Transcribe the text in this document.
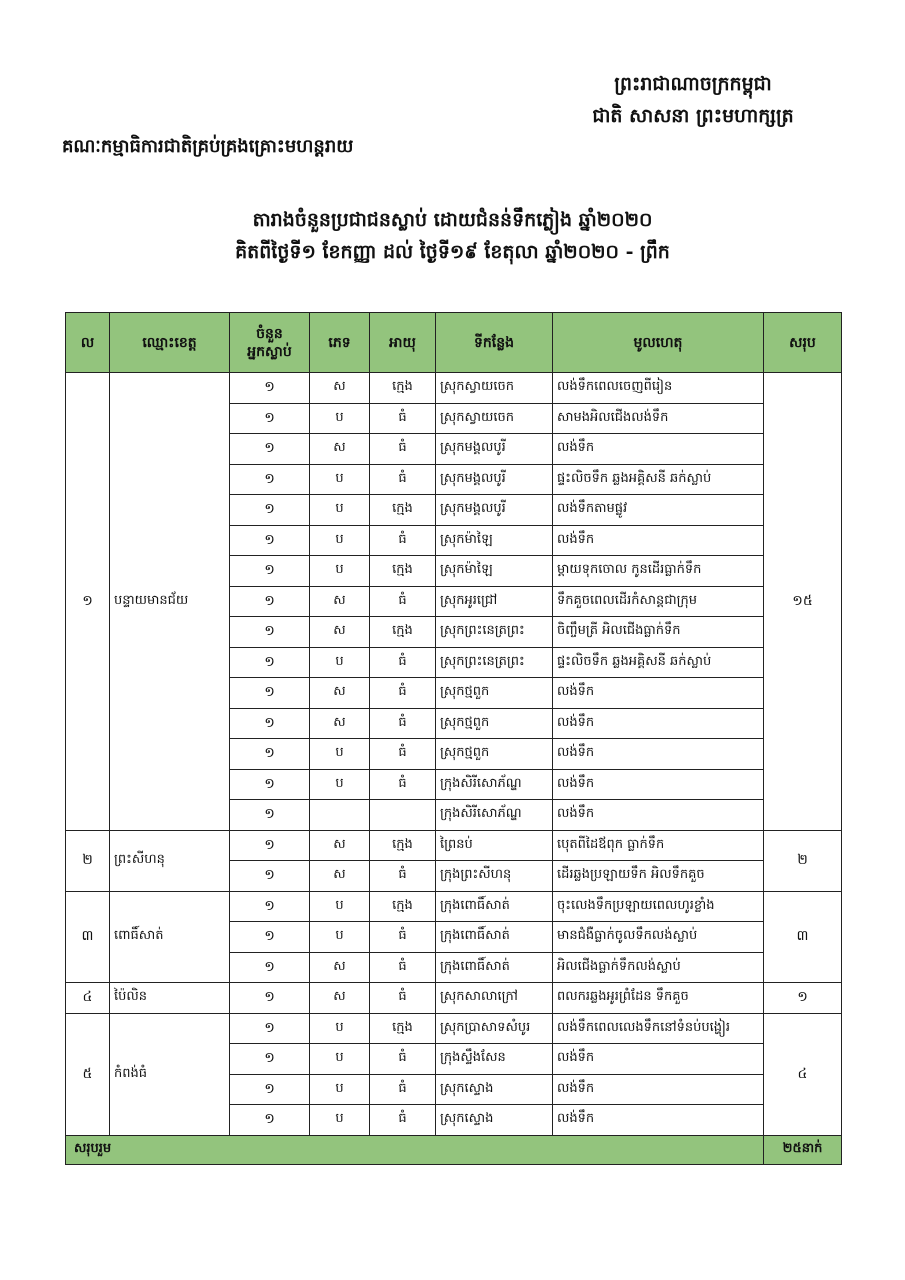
ព្រះរាជាណាចក្រកម្ពុជា
ជាតិ សាសនា ព្រះមហាក្សត្រ
គណៈកម្មាធិការជាតិគ្រប់គ្រងគ្រោះមហន្តរាយ
តារាងចំនួនប្រជាជនស្លាប់ ដោយជំនន់ទឹកភ្លៀង ឆ្នាំ២០២០
គិតពីថ្ងៃទី១ ខែកញ្ញា ដល់ ថ្ងៃទី១៩ ខែតុលា ឆ្នាំ២០២០ - ព្រឹក
ល	ឈ្មោះខេត្ត	ចំនួន
អ្នកស្លាប់	ភេទ	អាយុ	ទីកន្លែង	មូលហេតុ	សរុប
១	បន្ទាយមានជ័យ	១	ស	ក្មេង	ស្រុកស្វាយចេក	លង់ទឹកពេលចេញពីរៀន	១៥
		១	ប	ធំ	ស្រុកស្វាយចេក	សាមងអិលជើងលង់ទឹក	
		១	ស	ធំ	ស្រុកមង្គលបូរី	លង់ទឹក	
		១	ប	ធំ	ស្រុកមង្គលបូរី	ផ្ទះលិចទឹក ឆ្លងអគ្គិសនី ឆក់ស្លាប់	
		១	ប	ក្មេង	ស្រុកមង្គលបូរី	លង់ទឹកតាមផ្លូវ	
		១	ប	ធំ	ស្រុកម៉ាឡៃ	លង់ទឹក	
		១	ប	ក្មេង	ស្រុកម៉ាឡៃ	ម្ដាយទុកចោល កូនដើរធ្លាក់ទឹក	
		១	ស	ធំ	ស្រុកអូរជ្រៅ	ទឹកគួចពេលដើរកំសាន្តជាក្រុម	
		១	ស	ក្មេង	ស្រុកព្រះនេត្រព្រះ	ចិញ្ចឹមត្រី អិលជើងធ្លាក់ទឹក	
		១	ប	ធំ	ស្រុកព្រះនេត្រព្រះ	ផ្ទះលិចទឹក ឆ្លងអគ្គិសនី ឆក់ស្លាប់	
		១	ស	ធំ	ស្រុកថ្មពួក	លង់ទឹក	
		១	ស	ធំ	ស្រុកថ្មពួក	លង់ទឹក	
		១	ប	ធំ	ស្រុកថ្មពួក	លង់ទឹក	
		១	ប	ធំ	ក្រុងសិរីសោភ័ណ្ឌ	លង់ទឹក	
		១			ក្រុងសិរីសោភ័ណ្ឌ	លង់ទឹក	
២	ព្រះសីហនុ	១	ស	ក្មេង	ព្រៃនប់	បេុតពីដៃឪពុក ធ្លាក់ទឹក	២
		១	ស	ធំ	ក្រុងព្រះសីហនុ	ដើរឆ្លងប្រឡាយទឹក អិលទឹកគួច	
៣	ពោធិ៍សាត់	១	ប	ក្មេង	ក្រុងពោធិ៍សាត់	ចុះលេងទឹកប្រឡាយពេលហូរខ្លាំង	៣
		១	ប	ធំ	ក្រុងពោធិ៍សាត់	មានជំងឺធ្លាក់ចូលទឹកលង់ស្លាប់	
		១	ស	ធំ	ក្រុងពោធិ៍សាត់	អិលជើងធ្លាក់ទឹកលង់ស្លាប់	
៤	ប៉ៃលិន	១	ស	ធំ	ស្រុកសាលាក្រៅ	ពលករឆ្លងអូរព្រំដែន ទឹកគួច	១
៥	កំពង់ធំ	១	ប	ក្មេង	ស្រុកប្រាសាទសំបូរ	លង់ទឹកពេលលេងទឹកនៅទំនប់បង្ហៀរ	៤
		១	ប	ធំ	ក្រុងស្ទឹងសែន	លង់ទឹក	
		១	ប	ធំ	ស្រុកស្ទោង	លង់ទឹក	
		១	ប	ធំ	ស្រុកស្ទោង	លង់ទឹក	
សរុបរួម							២៥នាក់
